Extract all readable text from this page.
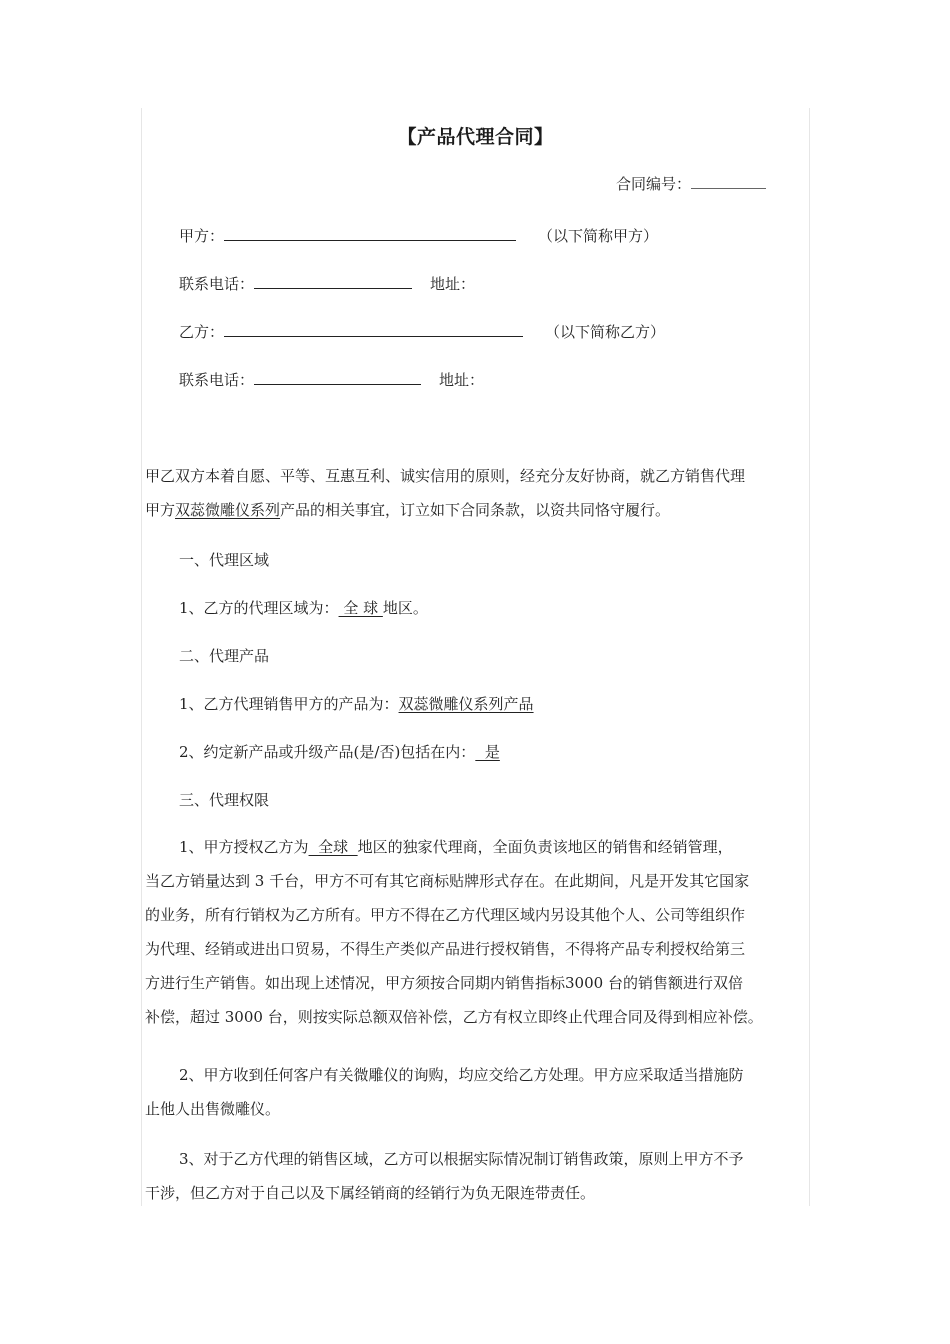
【产品代理合同】
合同编号：
甲方：	（以下简称甲方）
联系电话：	地址：
乙方：	（以下简称乙方）
联系电话：	地址：
甲乙双方本着自愿、平等、互惠互利、诚实信用的原则，经充分友好协商，就乙方销售代理
甲方双蕊微雕仪系列产品的相关事宜，订立如下合同条款，以资共同恪守履行。
一、代理区域
1、乙方的代理区域为： 全 球 地区。
二、代理产品
1、乙方代理销售甲方的产品为：双蕊微雕仪系列产品
2、约定新产品或升级产品(是/否)包括在内：  是
三、代理权限
1、甲方授权乙方为  全球  地区的独家代理商，全面负责该地区的销售和经销管理，
当乙方销量达到 3 千台，甲方不可有其它商标贴牌形式存在。在此期间，凡是开发其它国家
的业务，所有行销权为乙方所有。甲方不得在乙方代理区域内另设其他个人、公司等组织作
为代理、经销或进出口贸易，不得生产类似产品进行授权销售，不得将产品专利授权给第三
方进行生产销售。如出现上述情况，甲方须按合同期内销售指标3000 台的销售额进行双倍
补偿，超过 3000 台，则按实际总额双倍补偿，乙方有权立即终止代理合同及得到相应补偿。
2、甲方收到任何客户有关微雕仪的询购，均应交给乙方处理。甲方应采取适当措施防
止他人出售微雕仪。
3、对于乙方代理的销售区域，乙方可以根据实际情况制订销售政策，原则上甲方不予
干涉，但乙方对于自己以及下属经销商的经销行为负无限连带责任。
